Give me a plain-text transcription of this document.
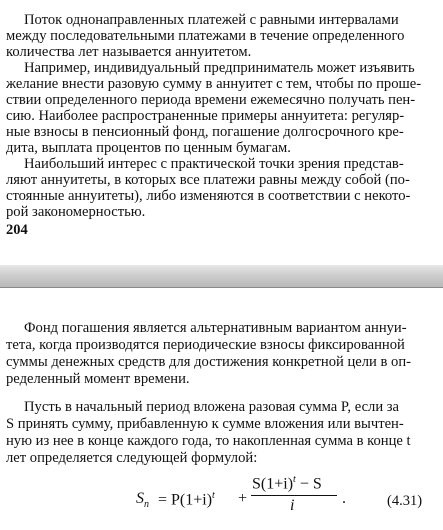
Поток однонаправленных платежей с равными интервалами
между последовательными платежами в течение определенного
количества лет называется аннуитетом.
Например, индивидуальный предприниматель может изъявить
желание внести разовую сумму в аннуитет с тем, чтобы по проше-
ствии определенного периода времени ежемесячно получать пен-
сию. Наиболее распространенные примеры аннуитета: регуляр-
ные взносы в пенсионный фонд, погашение долгосрочного кре-
дита, выплата процентов по ценным бумагам.
Наибольший интерес с практической точки зрения представ-
ляют аннуитеты, в которых все платежи равны между собой (по-
стоянные аннуитеты), либо изменяются в соответствии с некото-
рой закономерностью.
204
Фонд погашения является альтернативным вариантом аннуи-
тета, когда производятся периодические взносы фиксированной
суммы денежных средств для достижения конкретной цели в оп-
ределенный момент времени.
Пусть в начальный период вложена разовая сумма P, если за
S принять сумму, прибавленную к сумме вложения или вычтен-
ную из нее в конце каждого года, то накопленная сумма в конце t
лет определяется следующей формулой:
$S_n = P(1+i)^t$ +
$S(1+i)^t - S$
i	.	(4.31)
